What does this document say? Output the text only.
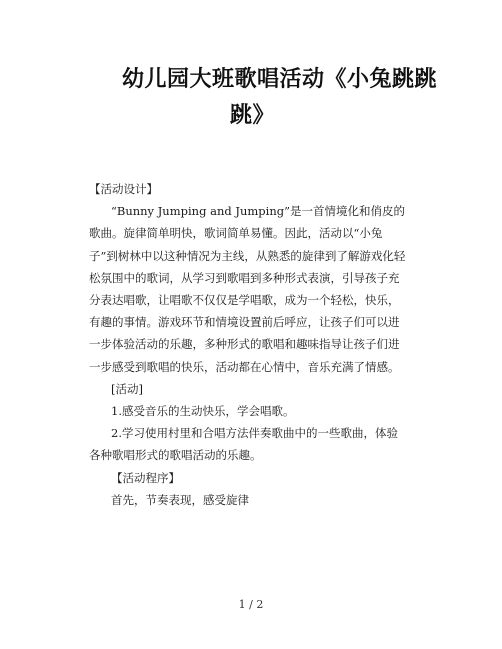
幼儿园大班歌唱活动《小兔跳跳
跳》

【活动设计】

“Bunny Jumping and Jumping”是一首情境化和俏皮的歌曲。旋律简单明快，歌词简单易懂。因此，活动以“小兔子”到树林中以这种情况为主线，从熟悉的旋律到了解游戏化轻松氛围中的歌词，从学习到歌唱到多种形式表演，引导孩子充分表达唱歌，让唱歌不仅仅是学唱歌，成为一个轻松，快乐，有趣的事情。游戏环节和情境设置前后呼应，让孩子们可以进一步体验活动的乐趣，多种形式的歌唱和趣味指导让孩子们进一步感受到歌唱的快乐，活动都在心情中，音乐充满了情感。

[活动]

1.感受音乐的生动快乐，学会唱歌。

2.学习使用村里和合唱方法伴奏歌曲中的一些歌曲，体验各种歌唱形式的歌唱活动的乐趣。

【活动程序】

首先，节奏表现，感受旋律

1 / 2
